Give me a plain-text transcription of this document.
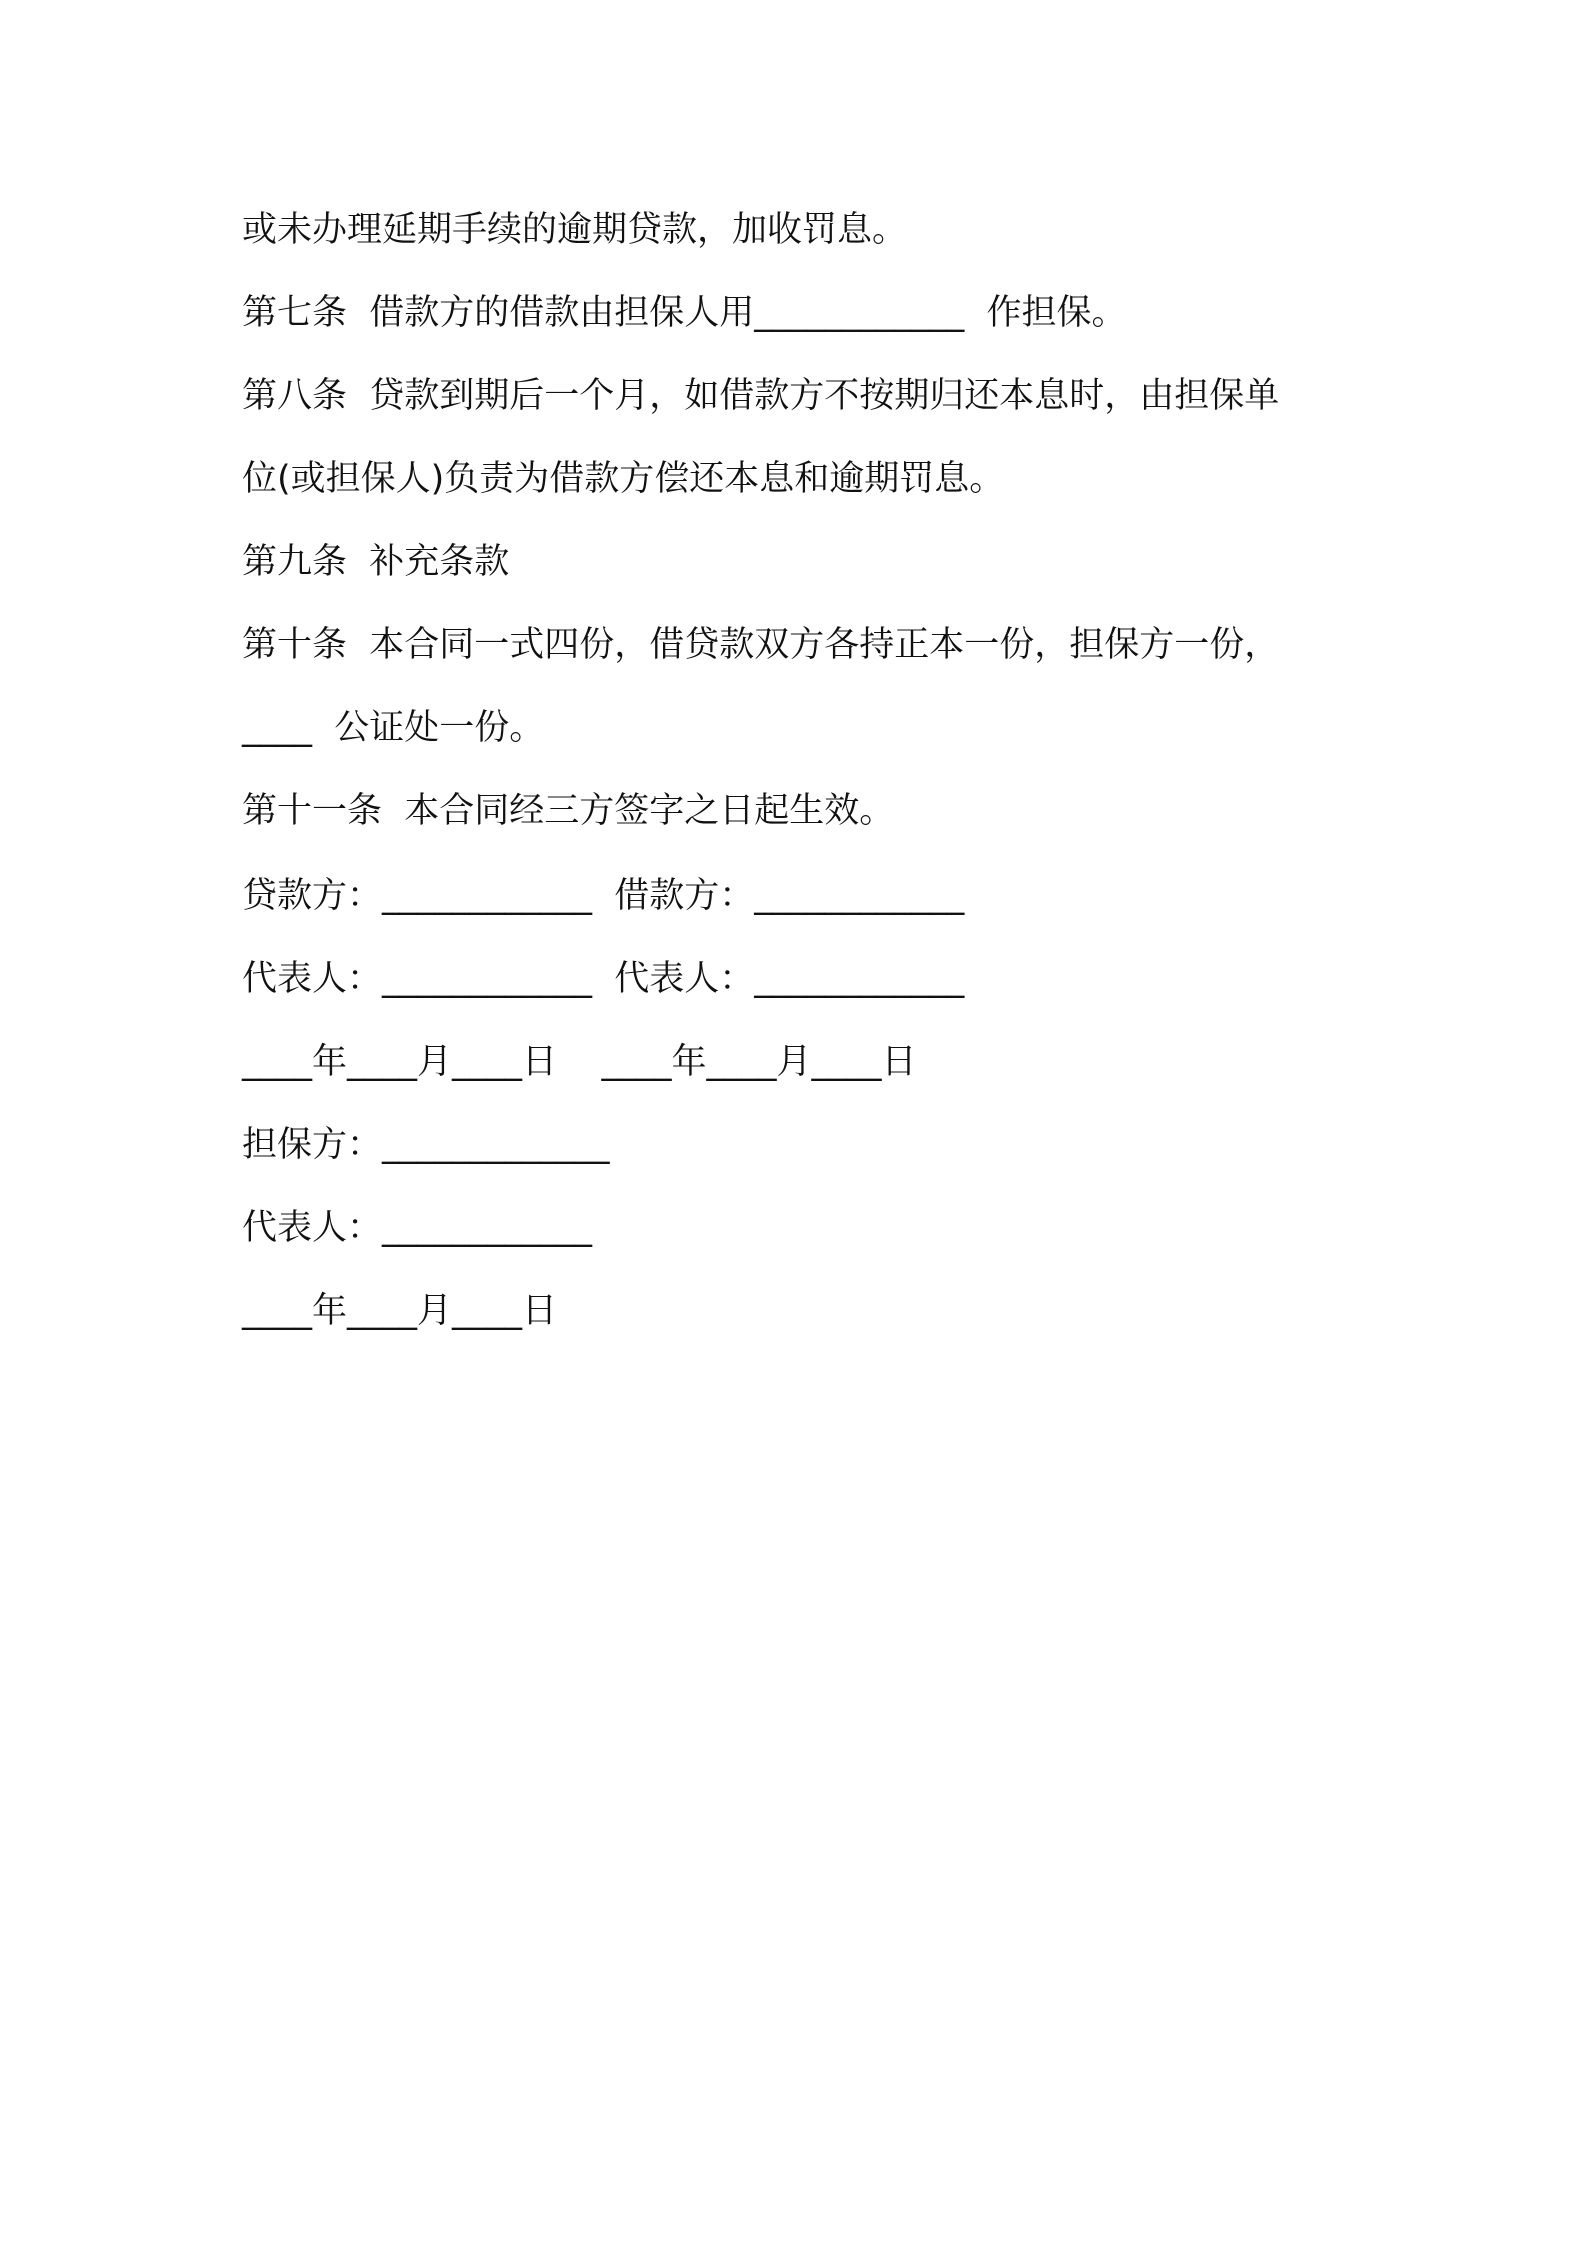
或未办理延期手续的逾期贷款，加收罚息。
第七条  借款方的借款由担保人用____________  作担保。
第八条  贷款到期后一个月，如借款方不按期归还本息时，由担保单
位(或担保人)负责为借款方偿还本息和逾期罚息。
第九条  补充条款
第十条  本合同一式四份，借贷款双方各持正本一份，担保方一份，
____  公证处一份。
第十一条  本合同经三方签字之日起生效。
贷款方：____________  借款方：____________
代表人：____________  代表人：____________
____年____月____日    ____年____月____日
担保方：_____________
代表人：____________
____年____月____日
